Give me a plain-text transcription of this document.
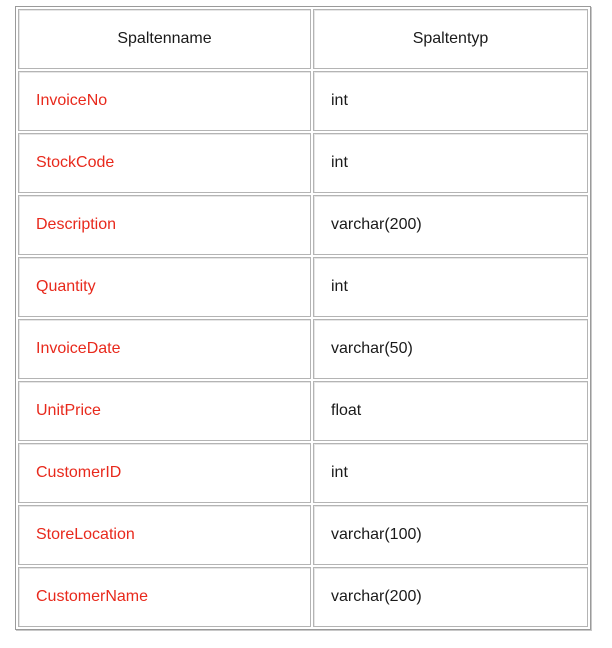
Spaltenname	Spaltentyp
InvoiceNo	int
StockCode	int
Description	varchar(200)
Quantity	int
InvoiceDate	varchar(50)
UnitPrice	float
CustomerID	int
StoreLocation	varchar(100)
CustomerName	varchar(200)
